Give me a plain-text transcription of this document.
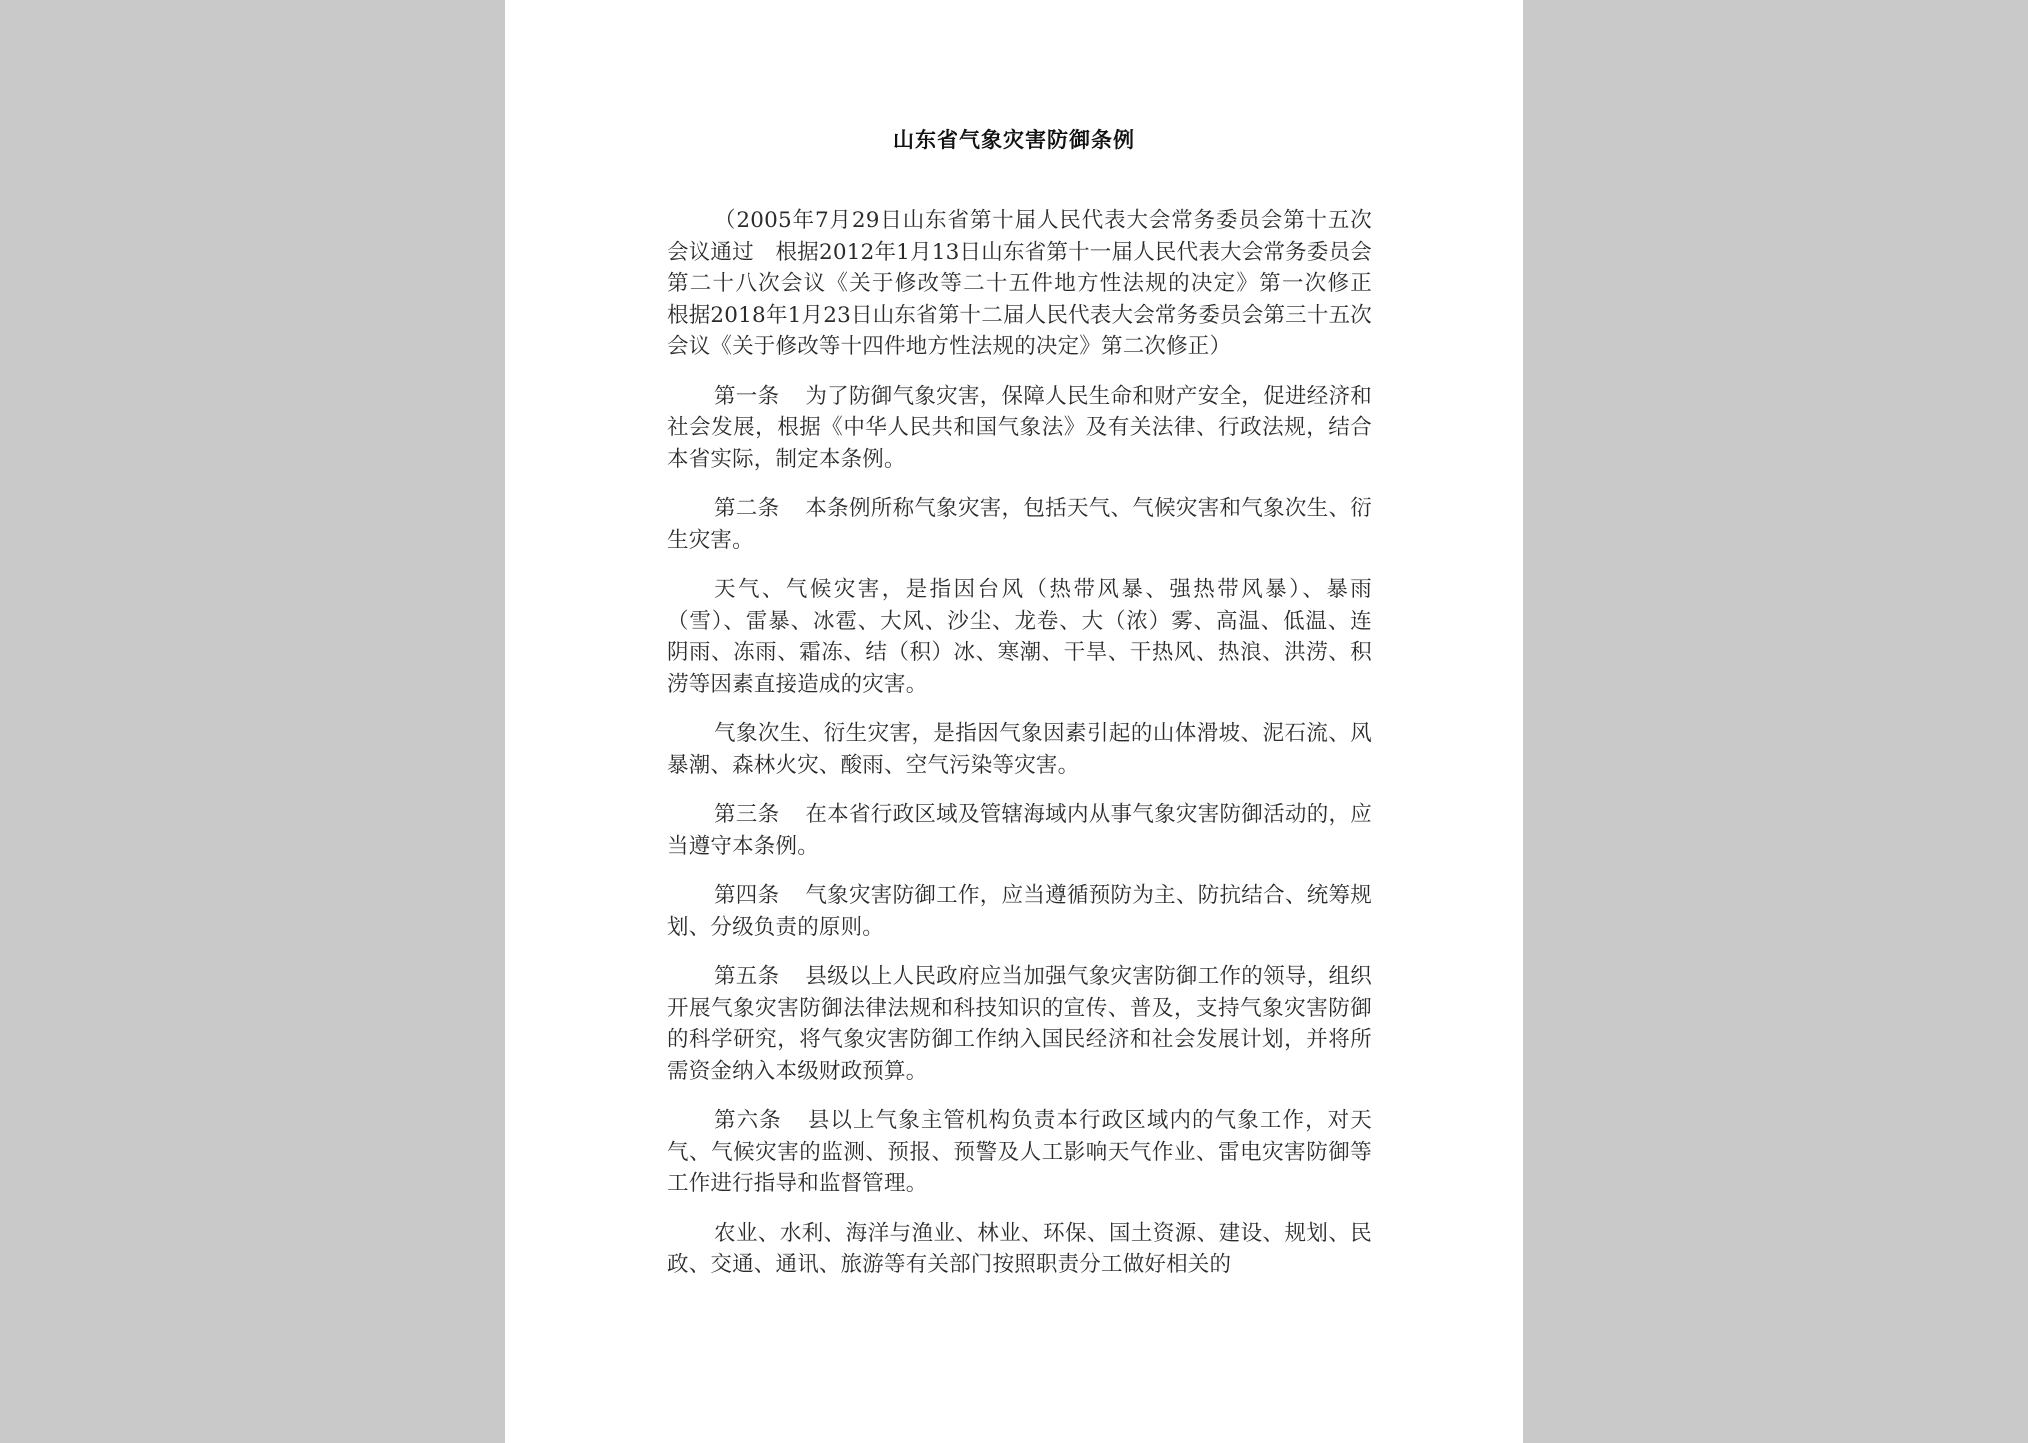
山东省气象灾害防御条例

（2005年7月29日山东省第十届人民代表大会常务委员会第十五次会议通过　根据2012年1月13日山东省第十一届人民代表大会常务委员会第二十八次会议《关于修改等二十五件地方性法规的决定》第一次修正　根据2018年1月23日山东省第十二届人民代表大会常务委员会第三十五次会议《关于修改等十四件地方性法规的决定》第二次修正）

第一条 为了防御气象灾害，保障人民生命和财产安全，促进经济和社会发展，根据《中华人民共和国气象法》及有关法律、行政法规，结合本省实际，制定本条例。

第二条 本条例所称气象灾害，包括天气、气候灾害和气象次生、衍生灾害。

天气、气候灾害，是指因台风（热带风暴、强热带风暴）、暴雨（雪）、雷暴、冰雹、大风、沙尘、龙卷、大（浓）雾、高温、低温、连阴雨、冻雨、霜冻、结（积）冰、寒潮、干旱、干热风、热浪、洪涝、积涝等因素直接造成的灾害。

气象次生、衍生灾害，是指因气象因素引起的山体滑坡、泥石流、风暴潮、森林火灾、酸雨、空气污染等灾害。

第三条 在本省行政区域及管辖海域内从事气象灾害防御活动的，应当遵守本条例。

第四条 气象灾害防御工作，应当遵循预防为主、防抗结合、统筹规划、分级负责的原则。

第五条 县级以上人民政府应当加强气象灾害防御工作的领导，组织开展气象灾害防御法律法规和科技知识的宣传、普及，支持气象灾害防御的科学研究，将气象灾害防御工作纳入国民经济和社会发展计划，并将所需资金纳入本级财政预算。

第六条 县以上气象主管机构负责本行政区域内的气象工作，对天气、气候灾害的监测、预报、预警及人工影响天气作业、雷电灾害防御等工作进行指导和监督管理。

农业、水利、海洋与渔业、林业、环保、国土资源、建设、规划、民政、交通、通讯、旅游等有关部门按照职责分工做好相关的
